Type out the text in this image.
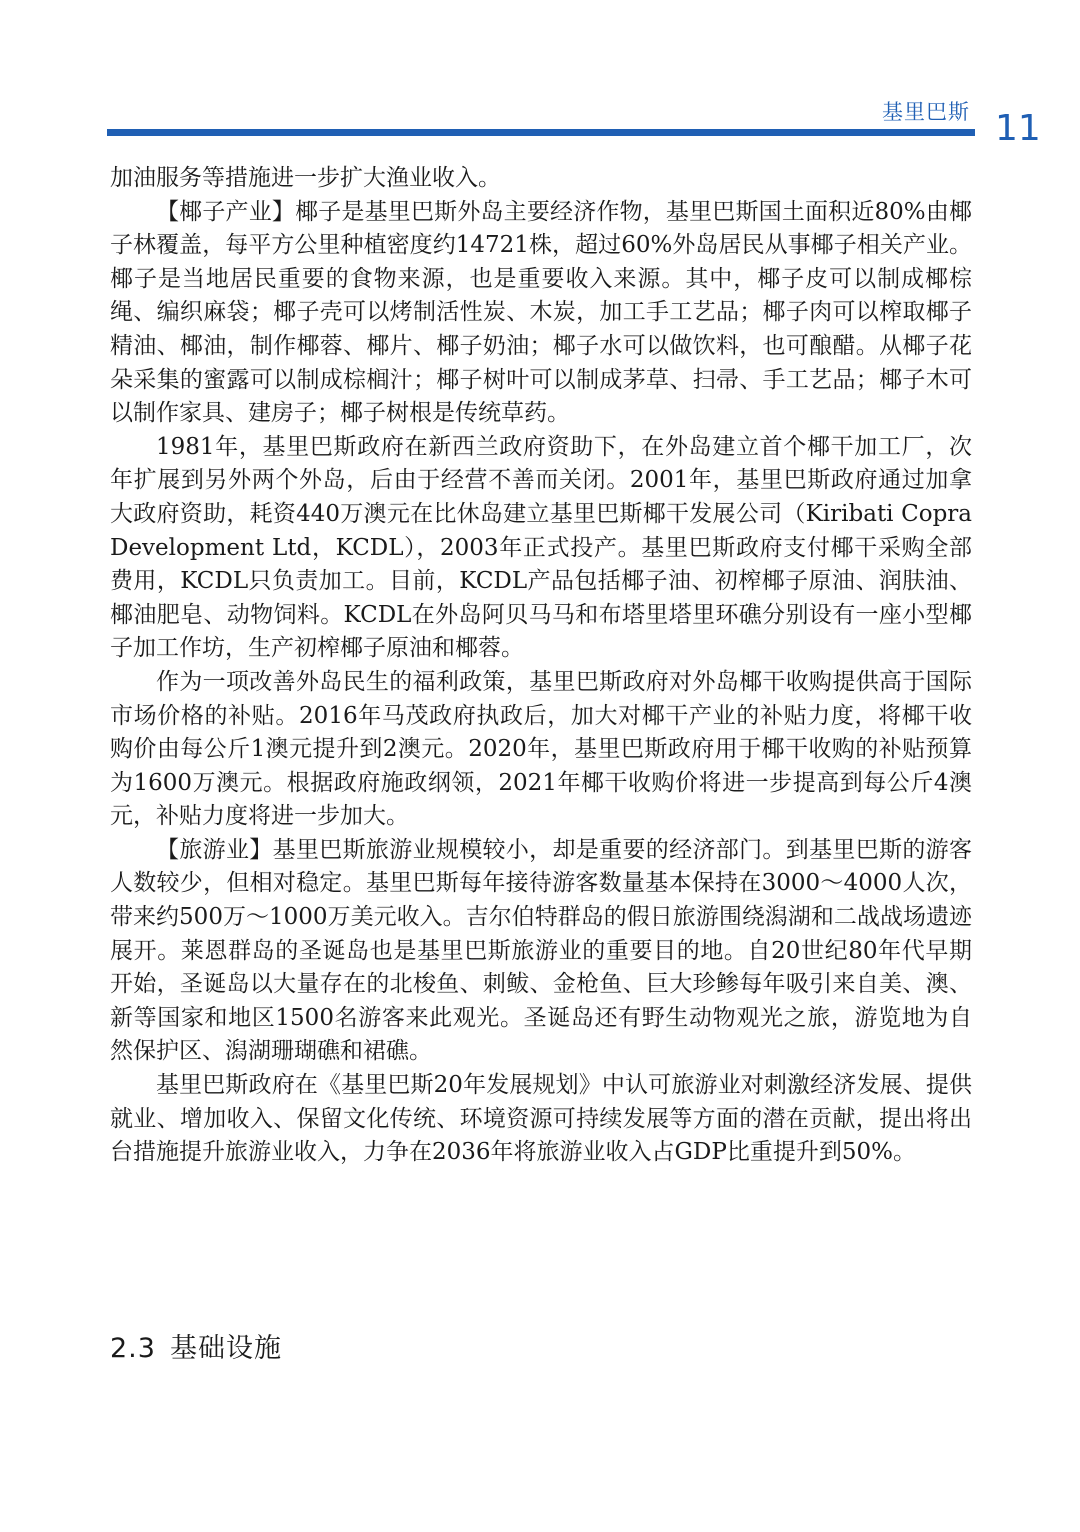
基里巴斯 11

加油服务等措施进一步扩大渔业收入。

【椰子产业】椰子是基里巴斯外岛主要经济作物，基里巴斯国土面积近80%由椰子林覆盖，每平方公里种植密度约14721株，超过60%外岛居民从事椰子相关产业。椰子是当地居民重要的食物来源，也是重要收入来源。其中，椰子皮可以制成椰棕绳、编织麻袋；椰子壳可以烤制活性炭、木炭，加工手工艺品；椰子肉可以榨取椰子精油、椰油，制作椰蓉、椰片、椰子奶油；椰子水可以做饮料，也可酿醋。从椰子花朵采集的蜜露可以制成棕榈汁；椰子树叶可以制成茅草、扫帚、手工艺品；椰子木可以制作家具、建房子；椰子树根是传统草药。

1981年，基里巴斯政府在新西兰政府资助下，在外岛建立首个椰干加工厂，次年扩展到另外两个外岛，后由于经营不善而关闭。2001年，基里巴斯政府通过加拿大政府资助，耗资440万澳元在比休岛建立基里巴斯椰干发展公司（Kiribati Copra Development Ltd，KCDL），2003年正式投产。基里巴斯政府支付椰干采购全部费用，KCDL只负责加工。目前，KCDL产品包括椰子油、初榨椰子原油、润肤油、椰油肥皂、动物饲料。KCDL在外岛阿贝马马和布塔里塔里环礁分别设有一座小型椰子加工作坊，生产初榨椰子原油和椰蓉。

作为一项改善外岛民生的福利政策，基里巴斯政府对外岛椰干收购提供高于国际市场价格的补贴。2016年马茂政府执政后，加大对椰干产业的补贴力度，将椰干收购价由每公斤1澳元提升到2澳元。2020年，基里巴斯政府用于椰干收购的补贴预算为1600万澳元。根据政府施政纲领，2021年椰干收购价将进一步提高到每公斤4澳元，补贴力度将进一步加大。

【旅游业】基里巴斯旅游业规模较小，却是重要的经济部门。到基里巴斯的游客人数较少，但相对稳定。基里巴斯每年接待游客数量基本保持在3000～4000人次，带来约500万～1000万美元收入。吉尔伯特群岛的假日旅游围绕潟湖和二战战场遗迹展开。莱恩群岛的圣诞岛也是基里巴斯旅游业的重要目的地。自20世纪80年代早期开始，圣诞岛以大量存在的北梭鱼、刺鲅、金枪鱼、巨大珍鲹每年吸引来自美、澳、新等国家和地区1500名游客来此观光。圣诞岛还有野生动物观光之旅，游览地为自然保护区、潟湖珊瑚礁和裙礁。

基里巴斯政府在《基里巴斯20年发展规划》中认可旅游业对刺激经济发展、提供就业、增加收入、保留文化传统、环境资源可持续发展等方面的潜在贡献，提出将出台措施提升旅游业收入，力争在2036年将旅游业收入占GDP比重提升到50%。

2.3 基础设施
